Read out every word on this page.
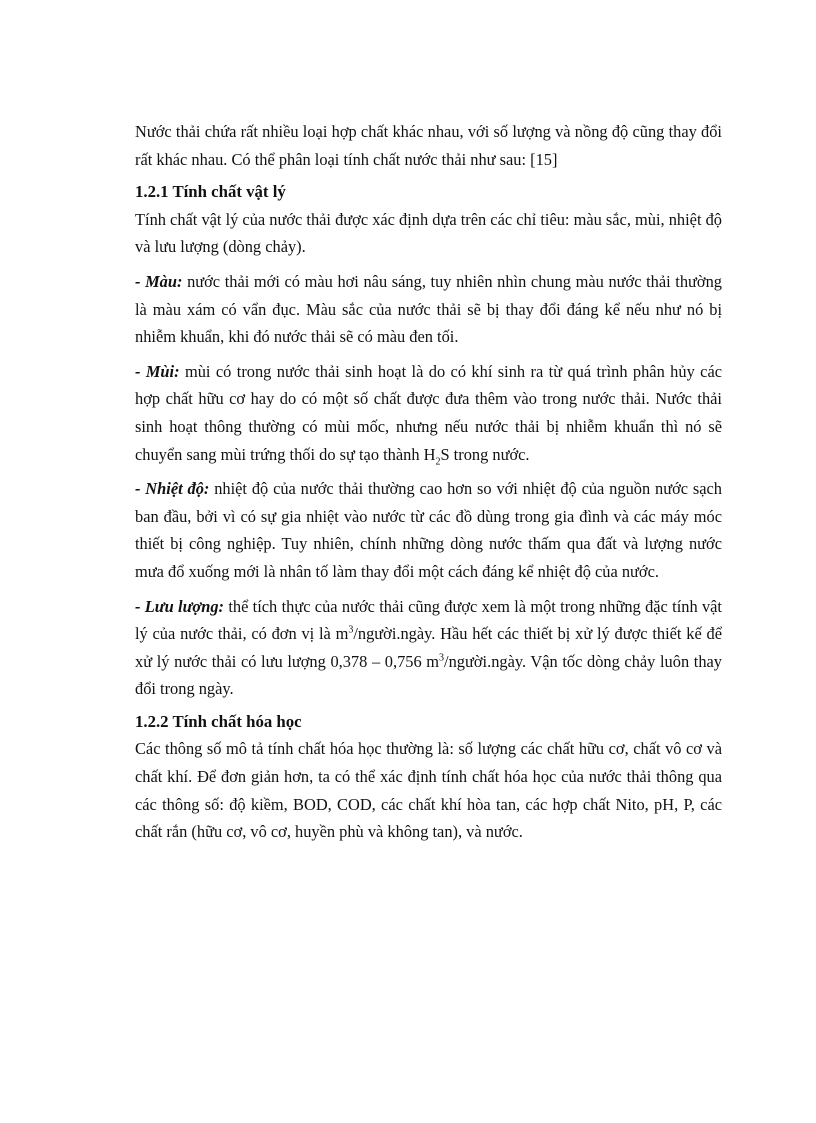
Nước thải chứa rất nhiều loại hợp chất khác nhau, với số lượng và nồng độ cũng thay đổi rất khác nhau. Có thể phân loại tính chất nước thải như sau: [15]

1.2.1 Tính chất vật lý

Tính chất vật lý của nước thải được xác định dựa trên các chỉ tiêu: màu sắc, mùi, nhiệt độ và lưu lượng (dòng chảy).

- Màu: nước thải mới có màu hơi nâu sáng, tuy nhiên nhìn chung màu nước thải thường là màu xám có vẩn đục. Màu sắc của nước thải sẽ bị thay đổi đáng kể nếu như nó bị nhiễm khuẩn, khi đó nước thải sẽ có màu đen tối.

- Mùi: mùi có trong nước thải sinh hoạt là do có khí sinh ra từ quá trình phân hủy các hợp chất hữu cơ hay do có một số chất được đưa thêm vào trong nước thải. Nước thải sinh hoạt thông thường có mùi mốc, nhưng nếu nước thải bị nhiễm khuẩn thì nó sẽ chuyển sang mùi trứng thối do sự tạo thành $H_2S$ trong nước.

- Nhiệt độ: nhiệt độ của nước thải thường cao hơn so với nhiệt độ của nguồn nước sạch ban đầu, bởi vì có sự gia nhiệt vào nước từ các đồ dùng trong gia đình và các máy móc thiết bị công nghiệp. Tuy nhiên, chính những dòng nước thấm qua đất và lượng nước mưa đổ xuống mới là nhân tố làm thay đổi một cách đáng kể nhiệt độ của nước.

- Lưu lượng: thể tích thực của nước thải cũng được xem là một trong những đặc tính vật lý của nước thải, có đơn vị là $m^3/người.ngày$. Hầu hết các thiết bị xử lý được thiết kế để xử lý nước thải có lưu lượng 0,378 – 0,756 $m^3/người.ngày$. Vận tốc dòng chảy luôn thay đổi trong ngày.

1.2.2 Tính chất hóa học

Các thông số mô tả tính chất hóa học thường là: số lượng các chất hữu cơ, chất vô cơ và chất khí. Để đơn giản hơn, ta có thể xác định tính chất hóa học của nước thải thông qua các thông số: độ kiềm, BOD, COD, các chất khí hòa tan, các hợp chất Nito, pH, P, các chất rắn (hữu cơ, vô cơ, huyền phù và không tan), và nước.
